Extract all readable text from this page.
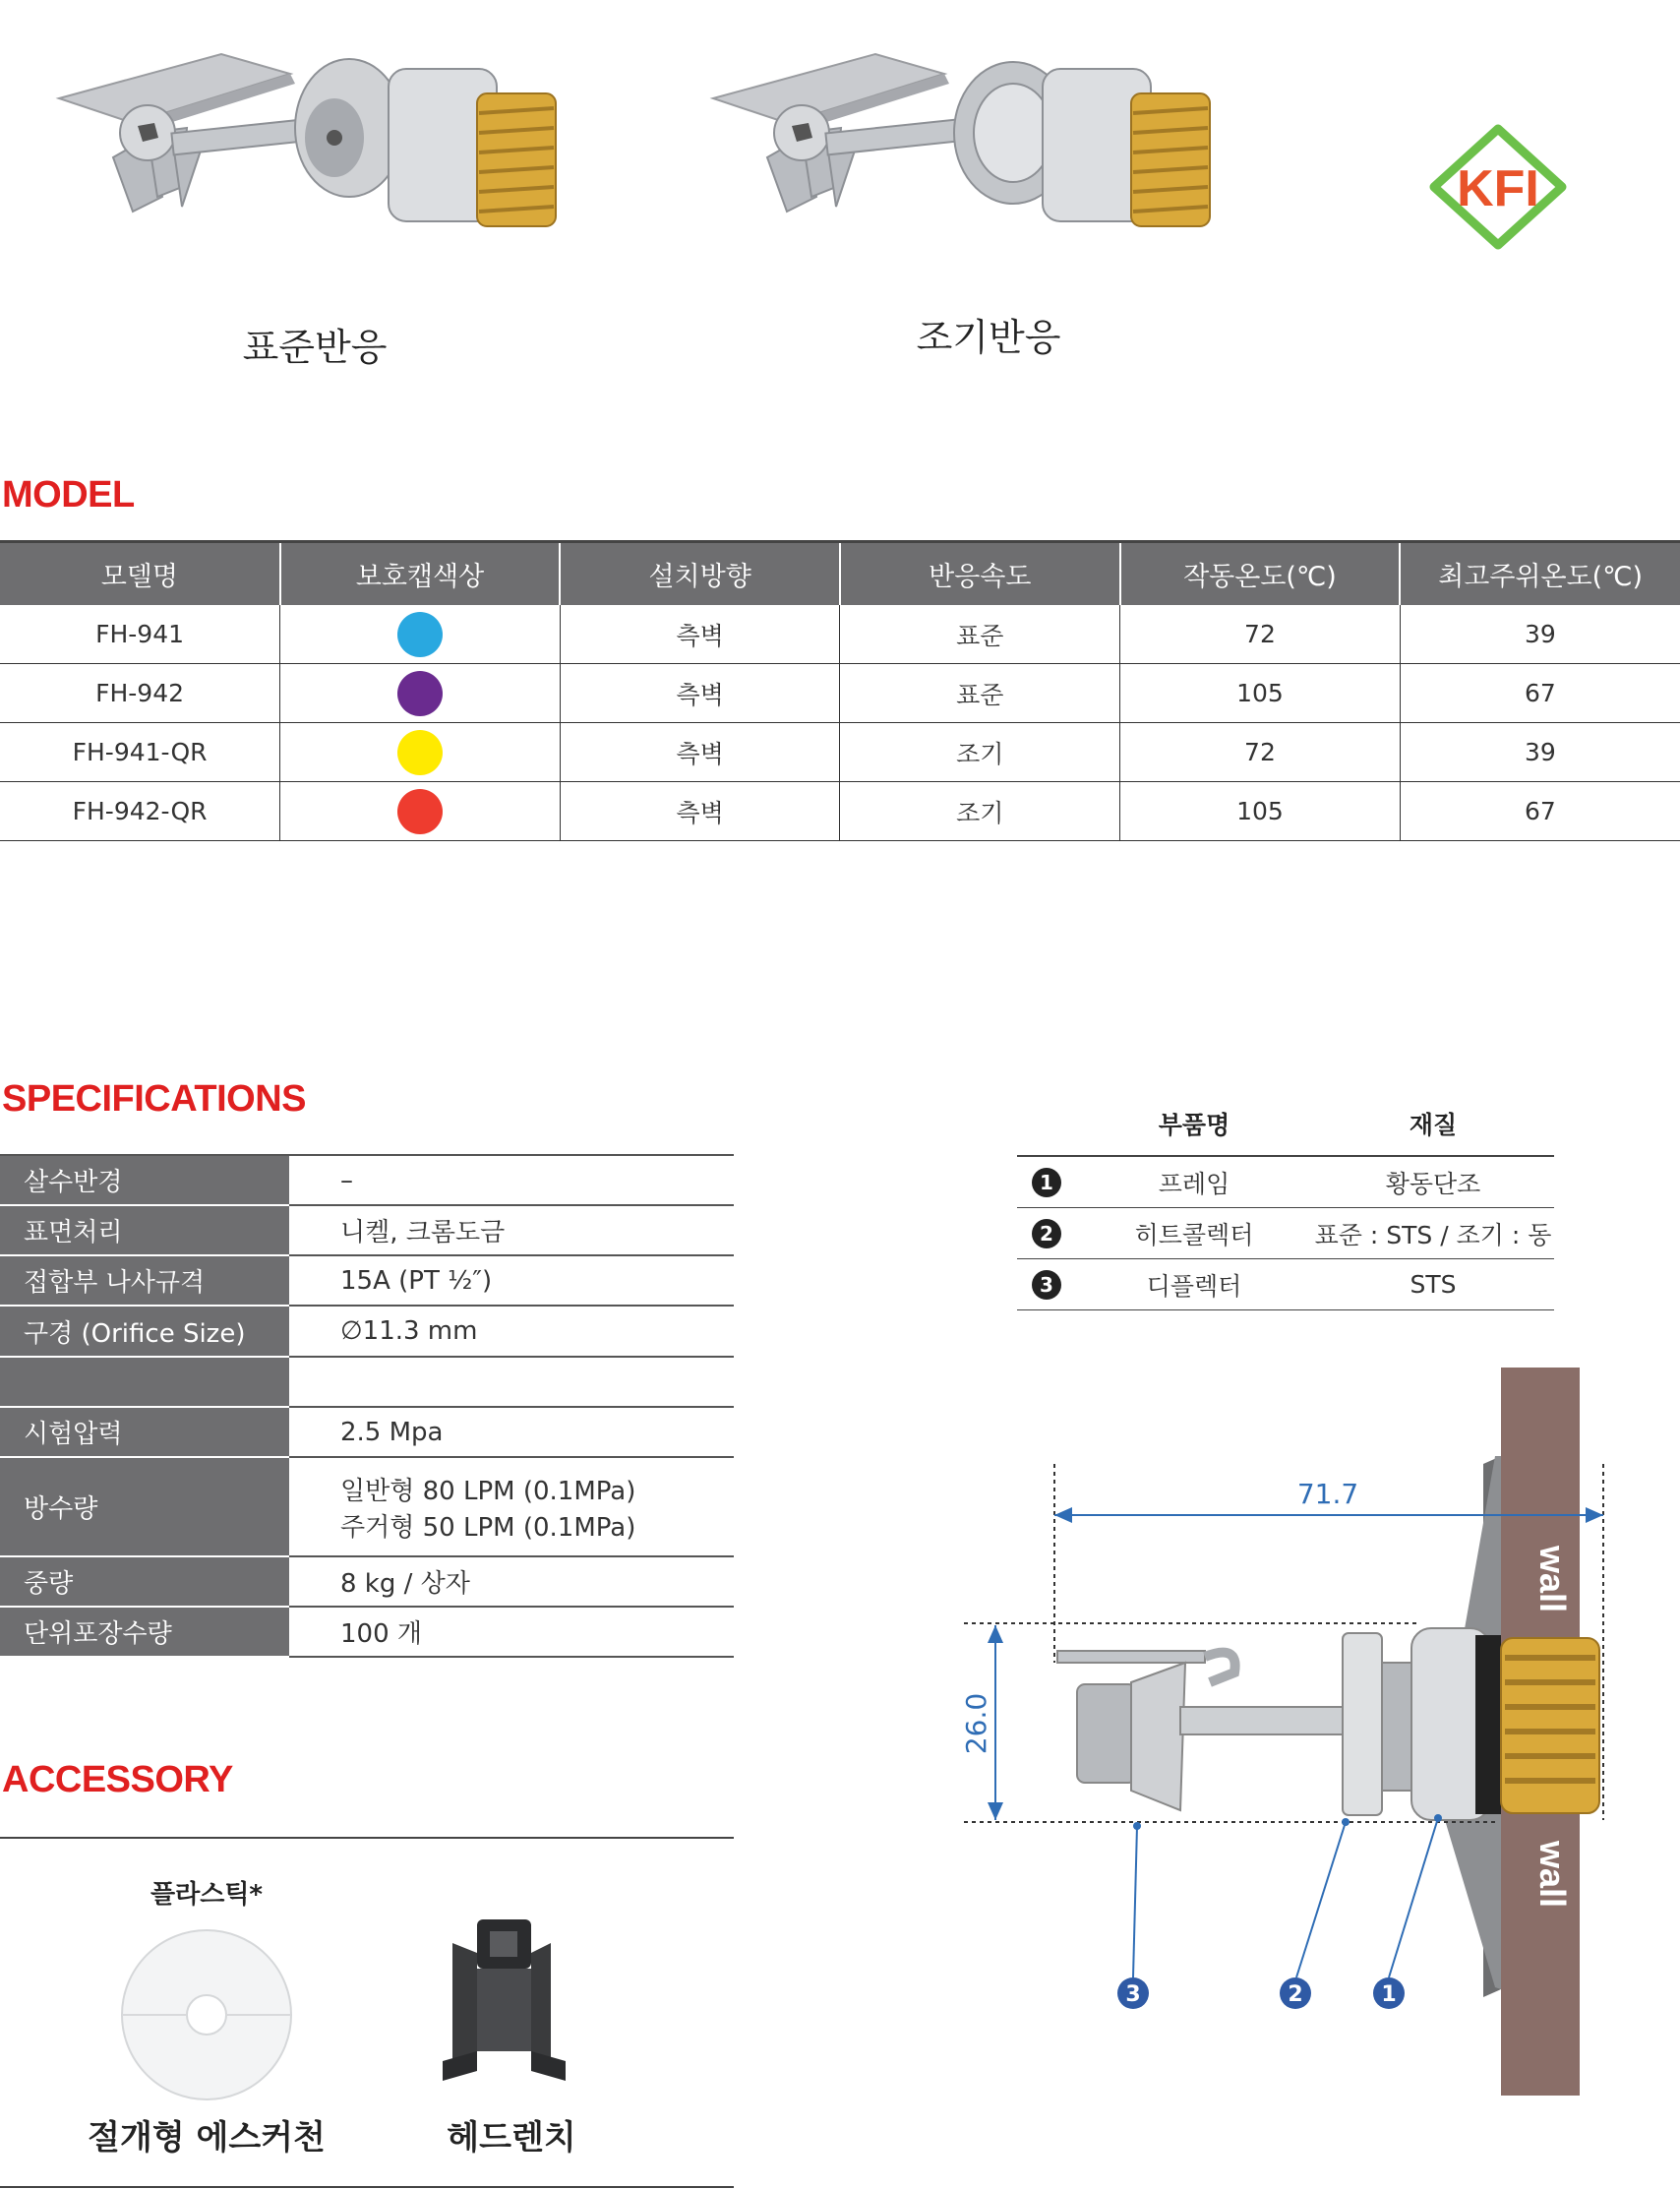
표준반응	조기반응
KFI
MODEL
모델명	보호캡색상	설치방향	반응속도	작동온도(℃)	최고주위온도(℃)
FH-941		측벽	표준	72	39
FH-942		측벽	표준	105	67
FH-941-QR		측벽	조기	72	39
FH-942-QR		측벽	조기	105	67
SPECIFICATIONS
살수반경	–
표면처리	니켈, 크롬도금
접합부 나사규격	15A (PT ½″)
구경 (Orifice Size)	∅11.3 mm

시험압력	2.5 Mpa
방수량	일반형 80 LPM (0.1MPa)
주거형 50 LPM (0.1MPa)

중량	8 kg / 상자
단위포장수량	100 개
	부품명	재질
1	프레임	황동단조
2	히트콜렉터	표준 : STS / 조기 : 동
3	디플렉터	STS
wall
wall
71.7
26.0
3	2	1
ACCESSORY
플라스틱*
절개형 에스커천	헤드렌치
